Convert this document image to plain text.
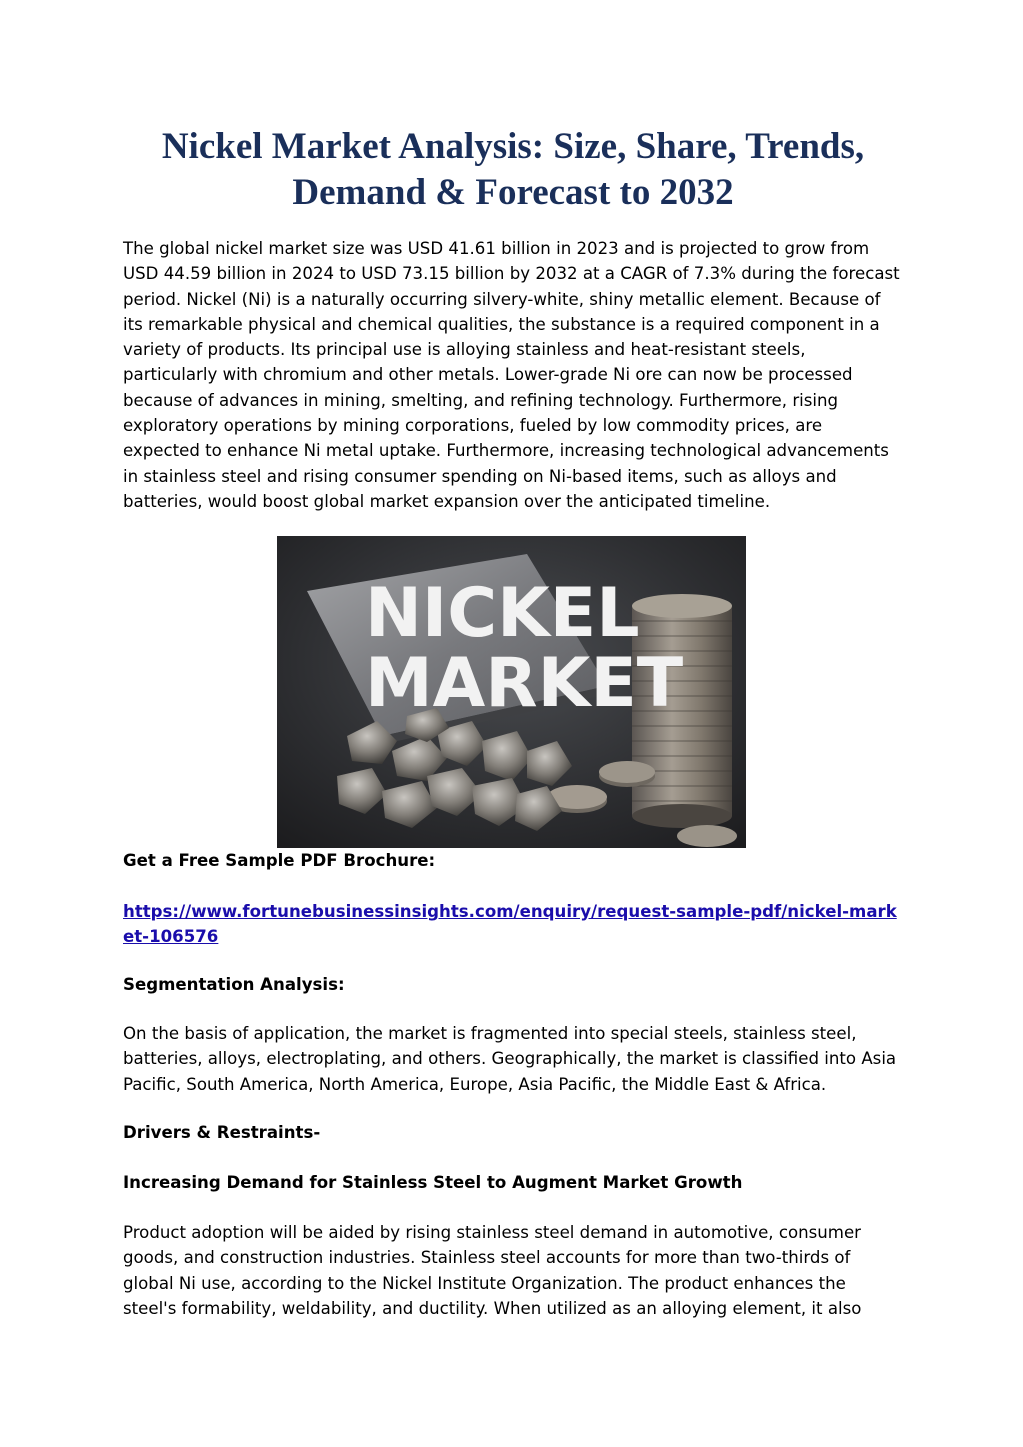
Nickel Market Analysis: Size, Share, Trends,
Demand & Forecast to 2032

The global nickel market size was USD 41.61 billion in 2023 and is projected to grow from USD 44.59 billion in 2024 to USD 73.15 billion by 2032 at a CAGR of 7.3% during the forecast period. Nickel (Ni) is a naturally occurring silvery-white, shiny metallic element. Because of its remarkable physical and chemical qualities, the substance is a required component in a variety of products. Its principal use is alloying stainless and heat-resistant steels, particularly with chromium and other metals. Lower-grade Ni ore can now be processed because of advances in mining, smelting, and refining technology. Furthermore, rising exploratory operations by mining corporations, fueled by low commodity prices, are expected to enhance Ni metal uptake. Furthermore, increasing technological advancements in stainless steel and rising consumer spending on Ni-based items, such as alloys and batteries, would boost global market expansion over the anticipated timeline.

NICKEL
MARKET

Get a Free Sample PDF Brochure:

https://www.fortunebusinessinsights.com/enquiry/request-sample-pdf/nickel-market-106576

Segmentation Analysis:

On the basis of application, the market is fragmented into special steels, stainless steel, batteries, alloys, electroplating, and others. Geographically, the market is classified into Asia Pacific, South America, North America, Europe, Asia Pacific, the Middle East & Africa.

Drivers & Restraints-

Increasing Demand for Stainless Steel to Augment Market Growth

Product adoption will be aided by rising stainless steel demand in automotive, consumer goods, and construction industries. Stainless steel accounts for more than two-thirds of global Ni use, according to the Nickel Institute Organization. The product enhances the steel's formability, weldability, and ductility. When utilized as an alloying element, it also
